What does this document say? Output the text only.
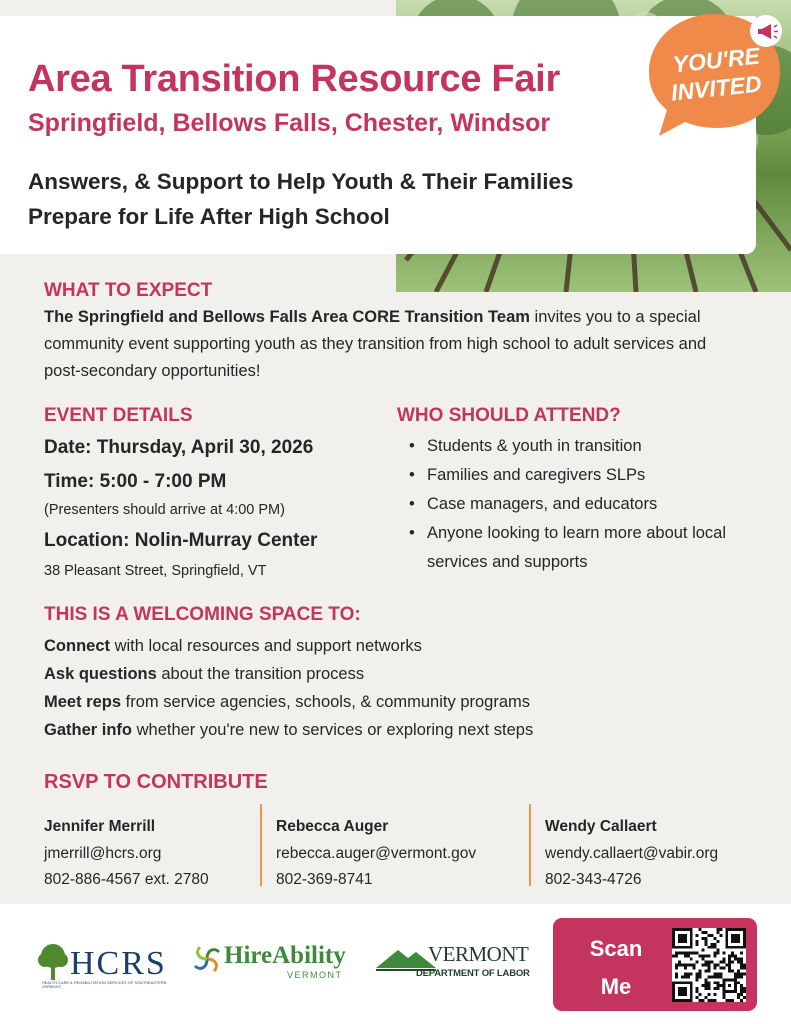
Area Transition Resource Fair
Springfield, Bellows Falls, Chester, Windsor

Answers, & Support to Help Youth & Their Families
Prepare for Life After High School

YOU'RE
INVITED
WHAT TO EXPECT

The Springfield and Bellows Falls Area CORE Transition Team invites you to a special community event supporting youth as they transition from high school to adult services and post-secondary opportunities!

EVENT DETAILS

Date: Thursday, April 30, 2026

Time: 5:00 - 7:00 PM

(Presenters should arrive at 4:00 PM)

Location: Nolin-Murray Center

38 Pleasant Street, Springfield, VT

WHO SHOULD ATTEND?
• Students & youth in transition
• Families and caregivers SLPs
• Case managers, and educators
• Anyone looking to learn more about local services and supports
THIS IS A WELCOMING SPACE TO:
Connect with local resources and support networks
Ask questions about the transition process
Meet reps from service agencies, schools, & community programs
Gather info whether you're new to services or exploring next steps
RSVP TO CONTRIBUTE
Jennifer Merrill
jmerrill@hcrs.org
802-886-4567 ext. 2780
Rebecca Auger
rebecca.auger@vermont.gov
802-369-8741
Wendy Callaert
wendy.callaert@vabir.org
802-343-4726
HCRS
HEALTH CARE & REHABILITATION SERVICES OF SOUTHEASTERN VERMONT
HireAbility
VERMONT
VERMONT
DEPARTMENT OF LABOR
Scan
Me
